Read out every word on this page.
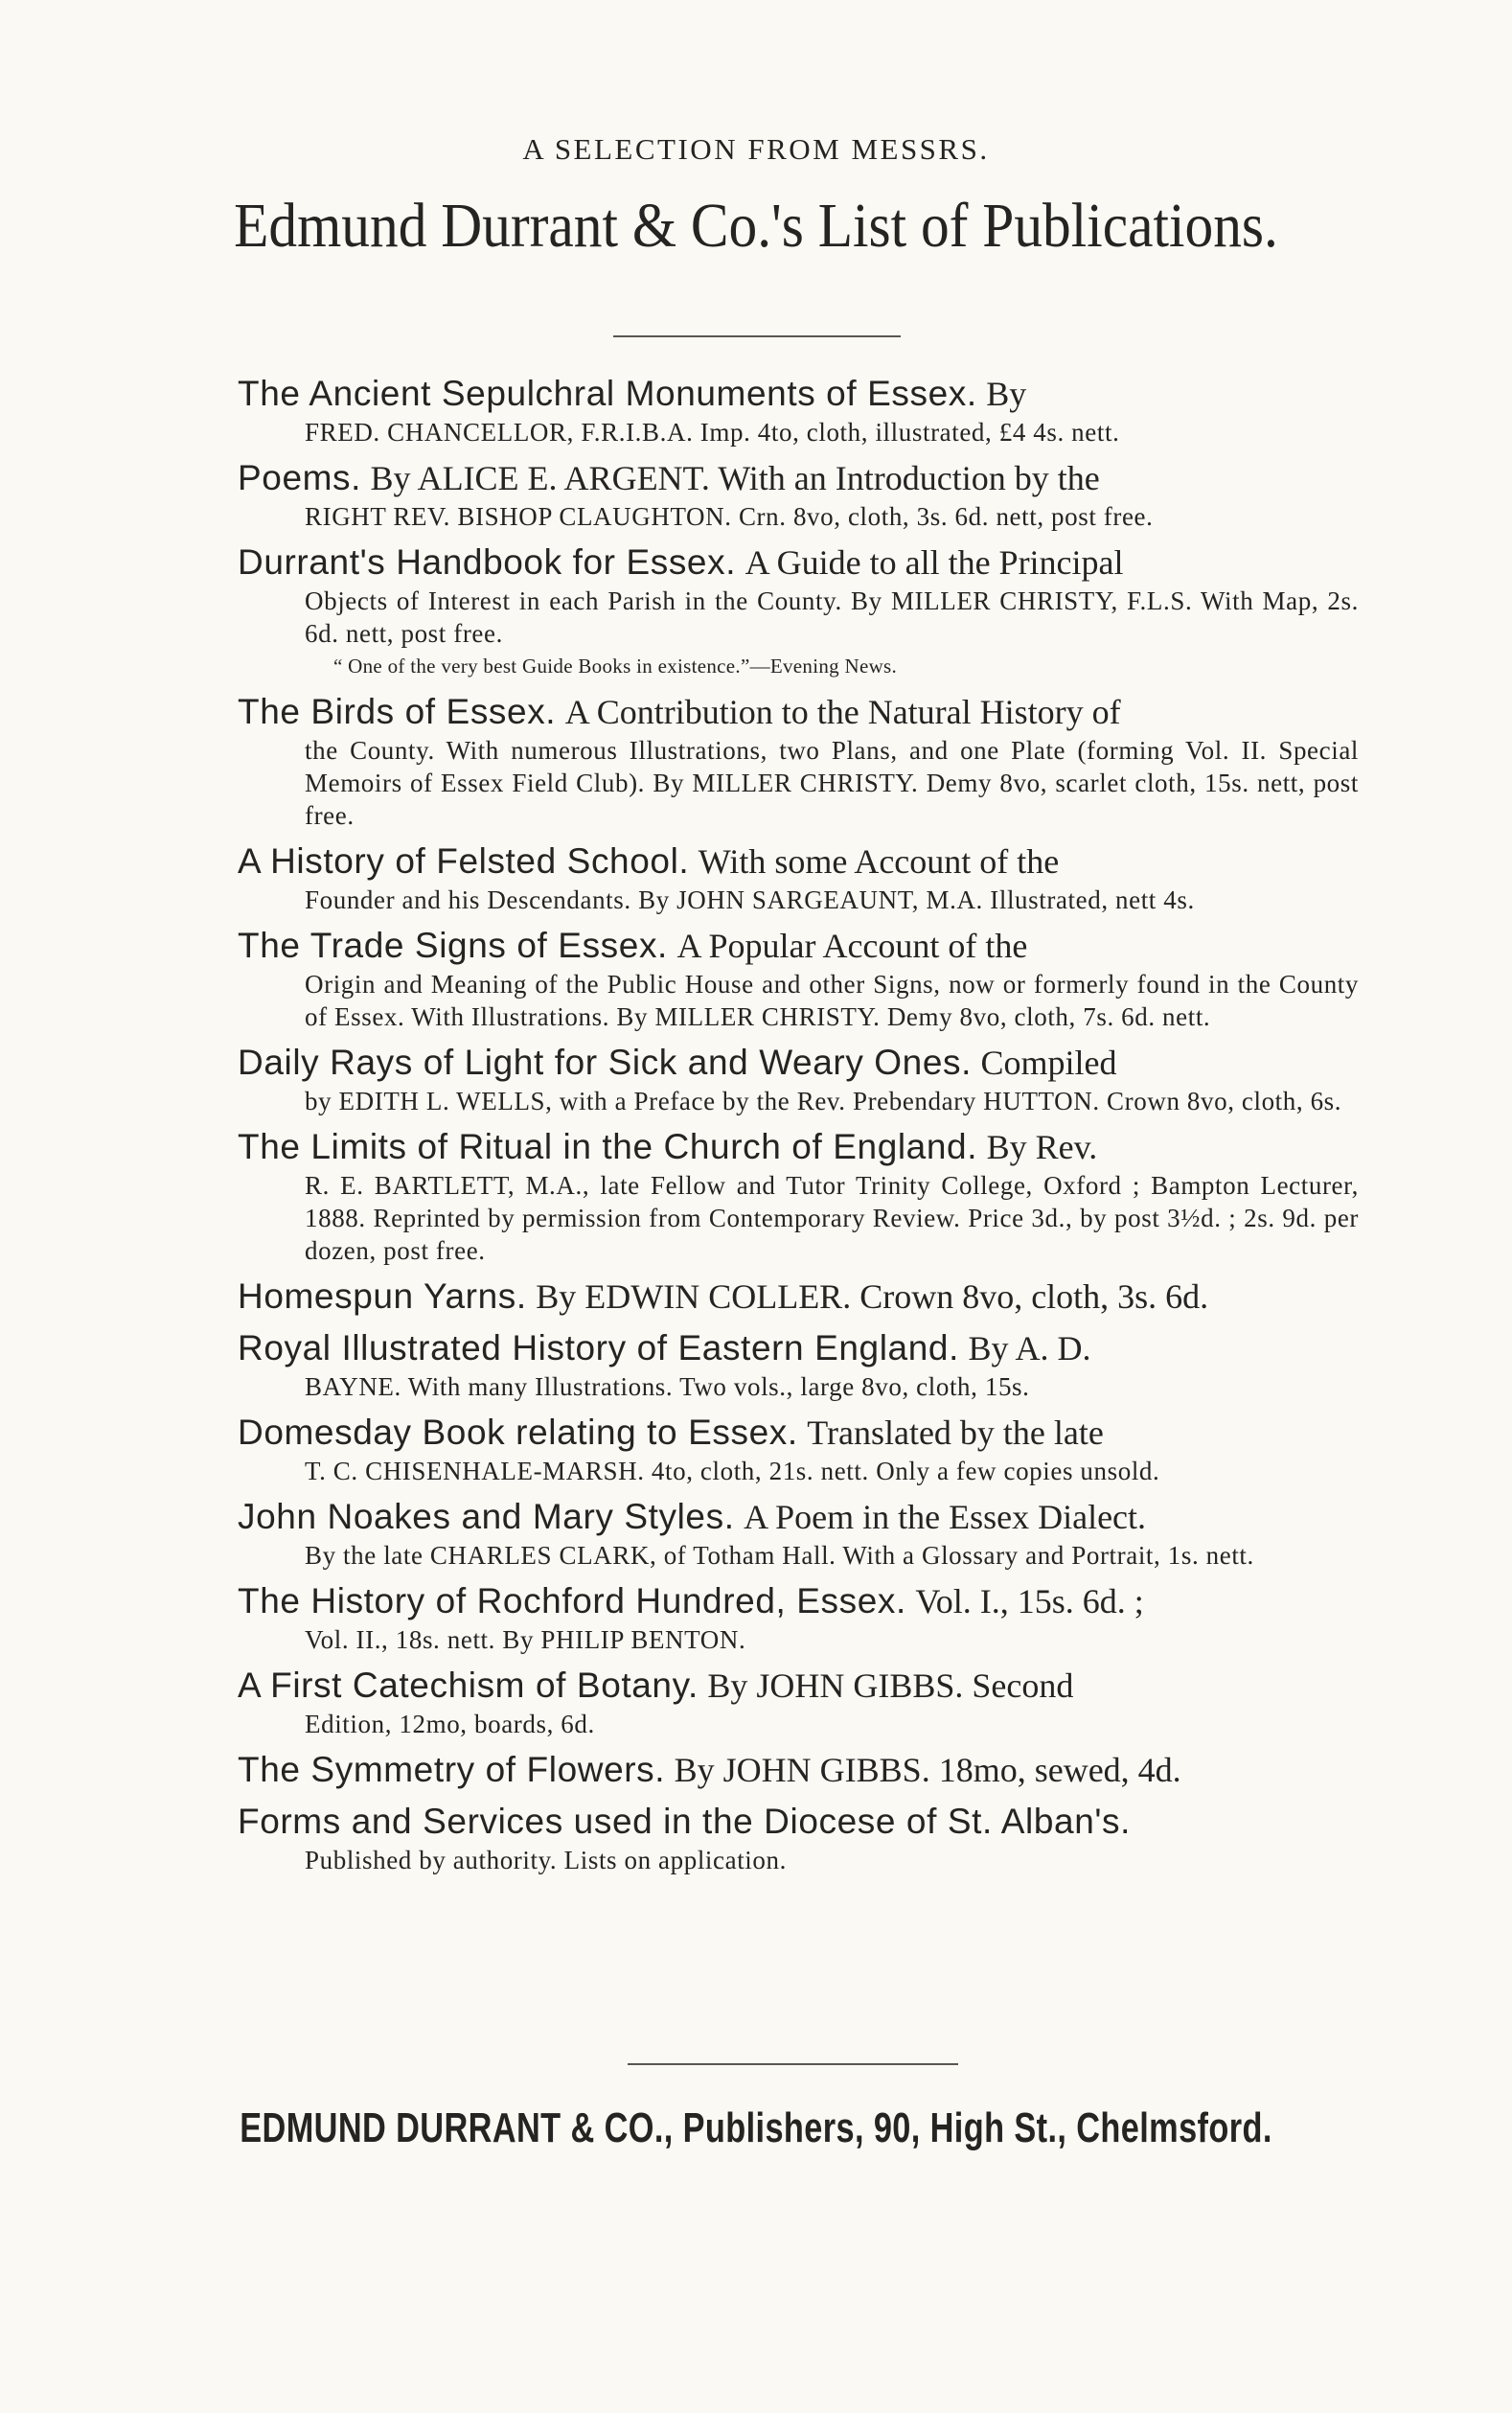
A SELECTION FROM MESSRS.
Edmund Durrant & Co.'s List of Publications.
The Ancient Sepulchral Monuments of Essex. By
FRED. CHANCELLOR, F.R.I.B.A. Imp. 4to, cloth, illustrated, £4 4s. nett.
Poems. By ALICE E. ARGENT. With an Introduction by the
RIGHT REV. BISHOP CLAUGHTON. Crn. 8vo, cloth, 3s. 6d. nett, post free.
Durrant's Handbook for Essex. A Guide to all the Principal
Objects of Interest in each Parish in the County. By MILLER CHRISTY, F.L.S. With Map, 2s. 6d. nett, post free.
“ One of the very best Guide Books in existence.”—Evening News.
The Birds of Essex. A Contribution to the Natural History of
the County. With numerous Illustrations, two Plans, and one Plate (forming Vol. II. Special Memoirs of Essex Field Club). By MILLER CHRISTY. Demy 8vo, scarlet cloth, 15s. nett, post free.
A History of Felsted School. With some Account of the
Founder and his Descendants. By JOHN SARGEAUNT, M.A. Illustrated, nett 4s.
The Trade Signs of Essex. A Popular Account of the
Origin and Meaning of the Public House and other Signs, now or formerly found in the County of Essex. With Illustrations. By MILLER CHRISTY. Demy 8vo, cloth, 7s. 6d. nett.
Daily Rays of Light for Sick and Weary Ones. Compiled
by EDITH L. WELLS, with a Preface by the Rev. Prebendary HUTTON. Crown 8vo, cloth, 6s.
The Limits of Ritual in the Church of England. By Rev.
R. E. BARTLETT, M.A., late Fellow and Tutor Trinity College, Oxford ; Bampton Lecturer, 1888. Reprinted by permission from Contemporary Review. Price 3d., by post 3½d. ; 2s. 9d. per dozen, post free.
Homespun Yarns. By EDWIN COLLER. Crown 8vo, cloth, 3s. 6d.
Royal Illustrated History of Eastern England. By A. D.
BAYNE. With many Illustrations. Two vols., large 8vo, cloth, 15s.
Domesday Book relating to Essex. Translated by the late
T. C. CHISENHALE-MARSH. 4to, cloth, 21s. nett. Only a few copies unsold.
John Noakes and Mary Styles. A Poem in the Essex Dialect.
By the late CHARLES CLARK, of Totham Hall. With a Glossary and Portrait, 1s. nett.
The History of Rochford Hundred, Essex. Vol. I., 15s. 6d. ;
Vol. II., 18s. nett. By PHILIP BENTON.
A First Catechism of Botany. By JOHN GIBBS. Second
Edition, 12mo, boards, 6d.
The Symmetry of Flowers. By JOHN GIBBS. 18mo, sewed, 4d.
Forms and Services used in the Diocese of St. Alban's.
Published by authority. Lists on application.
EDMUND DURRANT & CO., Publishers, 90, High St., Chelmsford.
